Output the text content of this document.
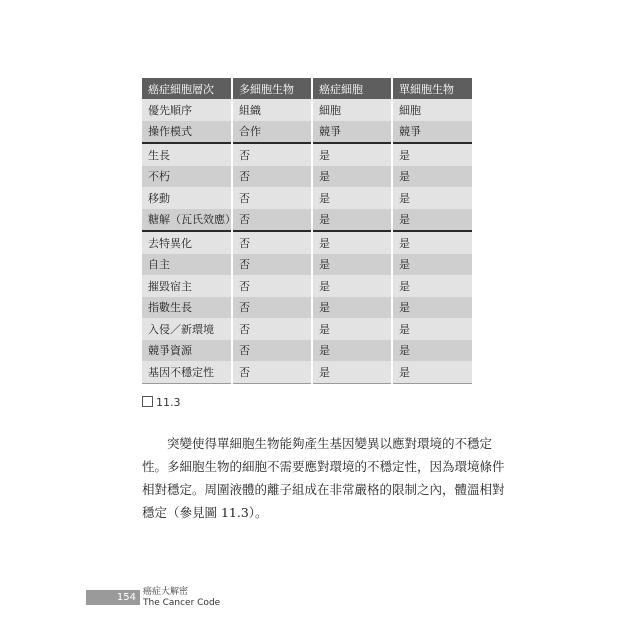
癌症細胞層次	多細胞生物	癌症細胞	單細胞生物
優先順序	組織	細胞	細胞
操作模式	合作	競爭	競爭
生長	否	是	是
不朽	否	是	是
移動	否	是	是
糖解（瓦氏效應）	否	是	是
去特異化	否	是	是
自主	否	是	是
摧毀宿主	否	是	是
指數生長	否	是	是
入侵／新環境	否	是	是
競爭資源	否	是	是
基因不穩定性	否	是	是
11.3

　　突變使得單細胞生物能夠產生基因變異以應對環境的不穩定
性。多細胞生物的細胞不需要應對環境的不穩定性，因為環境條件
相對穩定。周圍液體的離子組成在非常嚴格的限制之內，體溫相對
穩定（參見圖 11.3）。

154 癌症大解密
The Cancer Code
